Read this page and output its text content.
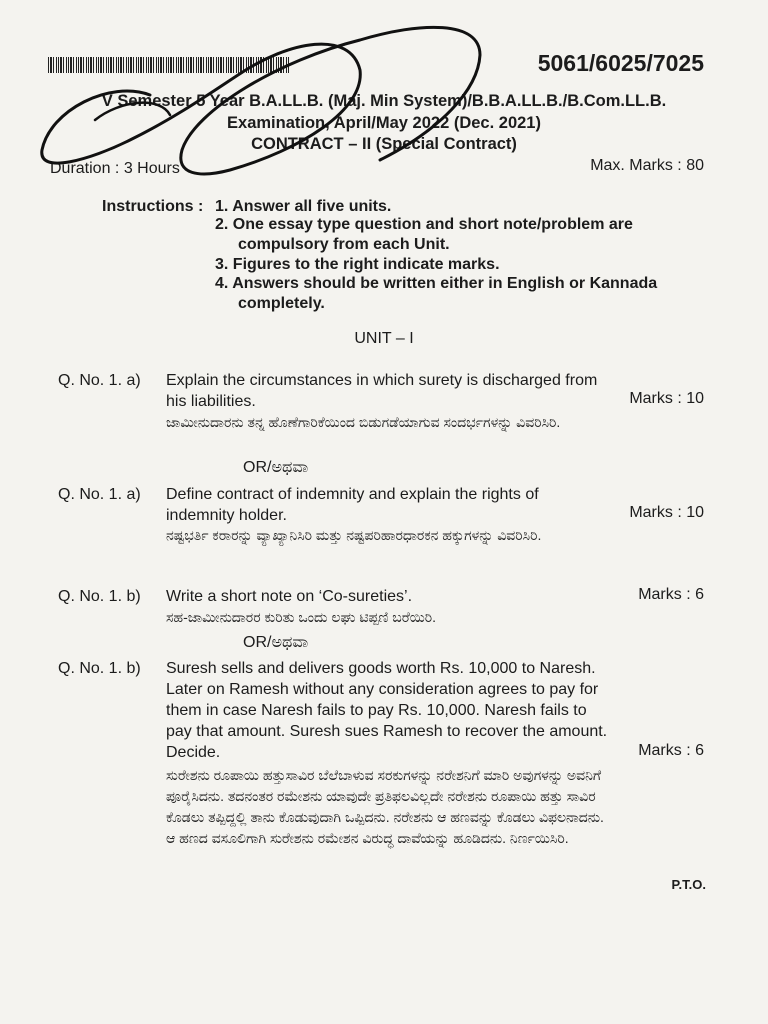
5061/6025/7025
V Semester 5 Year B.A.LL.B. (Maj. Min System)/B.B.A.LL.B./B.Com.LL.B.
Examination, April/May 2022 (Dec. 2021)
CONTRACT – II (Special Contract)
Duration : 3 Hours	Max. Marks : 80
Instructions : 1. Answer all five units.
2. One essay type question and short note/problem are
compulsory from each Unit.
3. Figures to the right indicate marks.
4. Answers should be written either in English or Kannada
completely.
UNIT – I
Q. No. 1. a) Explain the circumstances in which surety is discharged from his liabilities.	Marks : 10
ಜಾಮೀನುದಾರನು ತನ್ನ ಹೊಣೆಗಾರಿಕೆಯಿಂದ ಬಿಡುಗಡೆಯಾಗುವ ಸಂದರ್ಭಗಳನ್ನು ವಿವರಿಸಿರಿ.
OR/ಅಥವಾ
Q. No. 1. a) Define contract of indemnity and explain the rights of indemnity holder.	Marks : 10
ನಷ್ಟಭರ್ತಿ ಕರಾರನ್ನು ವ್ಯಾಖ್ಯಾನಿಸಿರಿ ಮತ್ತು ನಷ್ಟಪರಿಹಾರಧಾರಕನ ಹಕ್ಕುಗಳನ್ನು ವಿವರಿಸಿರಿ.
Q. No. 1. b) Write a short note on ‘Co-sureties’.	Marks : 6
ಸಹ-ಜಾಮೀನುದಾರರ ಕುರಿತು ಒಂದು ಲಘು ಟಿಪ್ಪಣಿ ಬರೆಯಿರಿ.
OR/ಅಥವಾ
Q. No. 1. b) Suresh sells and delivers goods worth Rs. 10,000 to Naresh. Later on Ramesh without any consideration agrees to pay for them in case Naresh fails to pay Rs. 10,000. Naresh fails to pay that amount. Suresh sues Ramesh to recover the amount. Decide.	Marks : 6
ಸುರೇಶನು ರೂಪಾಯಿ ಹತ್ತುಸಾವಿರ ಬೆಲೆಬಾಳುವ ಸರಕುಗಳನ್ನು ನರೇಶನಿಗೆ ಮಾರಿ ಅವುಗಳನ್ನು ಅವನಿಗೆ ಪೂರೈಸಿದನು. ತದನಂತರ ರಮೇಶನು ಯಾವುದೇ ಪ್ರತಿಫಲವಿಲ್ಲದೇ ನರೇಶನು ರೂಪಾಯಿ ಹತ್ತು ಸಾವಿರ ಕೊಡಲು ತಪ್ಪಿದ್ದಲ್ಲಿ ತಾನು ಕೊಡುವುದಾಗಿ ಒಪ್ಪಿದನು. ನರೇಶನು ಆ ಹಣವನ್ನು ಕೊಡಲು ವಿಫಲನಾದನು. ಆ ಹಣದ ವಸೂಲಿಗಾಗಿ ಸುರೇಶನು ರಮೇಶನ ವಿರುದ್ಧ ದಾವೆಯನ್ನು ಹೂಡಿದನು. ನಿರ್ಣಯಿಸಿರಿ.
P.T.O.
